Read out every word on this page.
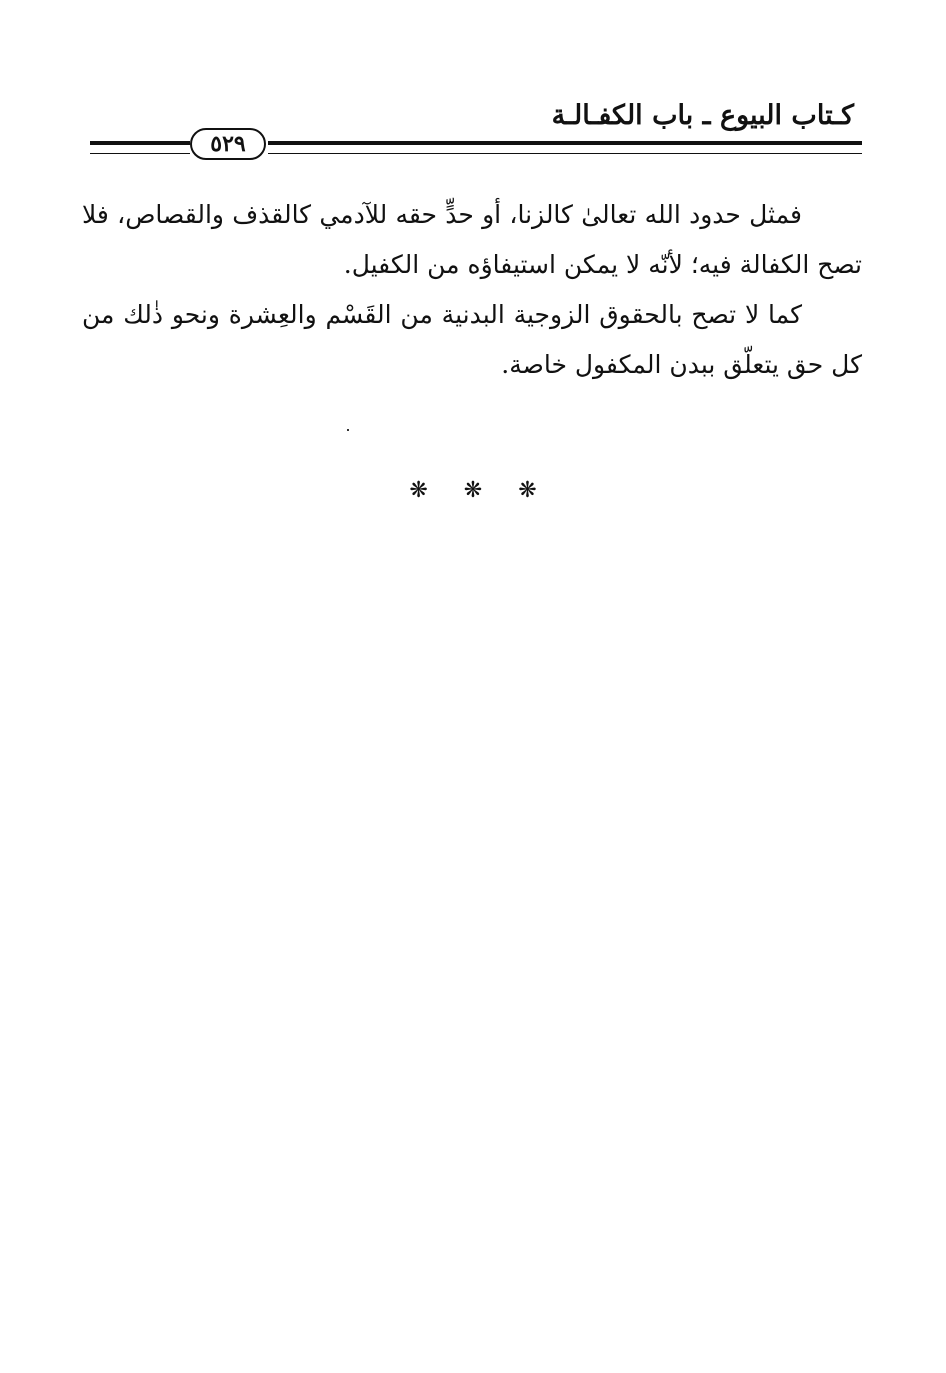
كـتاب البيوع ـ باب الكفـالـة
٥٢٩

فمثل حدود الله تعالىٰ كالزنا، أو حدٍّ حقه للآدمي كالقذف والقصاص، فلا تصح الكفالة فيه؛ لأنّه لا يمكن استيفاؤه من الكفيل.

كما لا تصح بالحقوق الزوجية البدنية من القَسْم والعِشرة ونحو ذٰلك من كل حق يتعلّق ببدن المكفول خاصة.

❋❋❋
